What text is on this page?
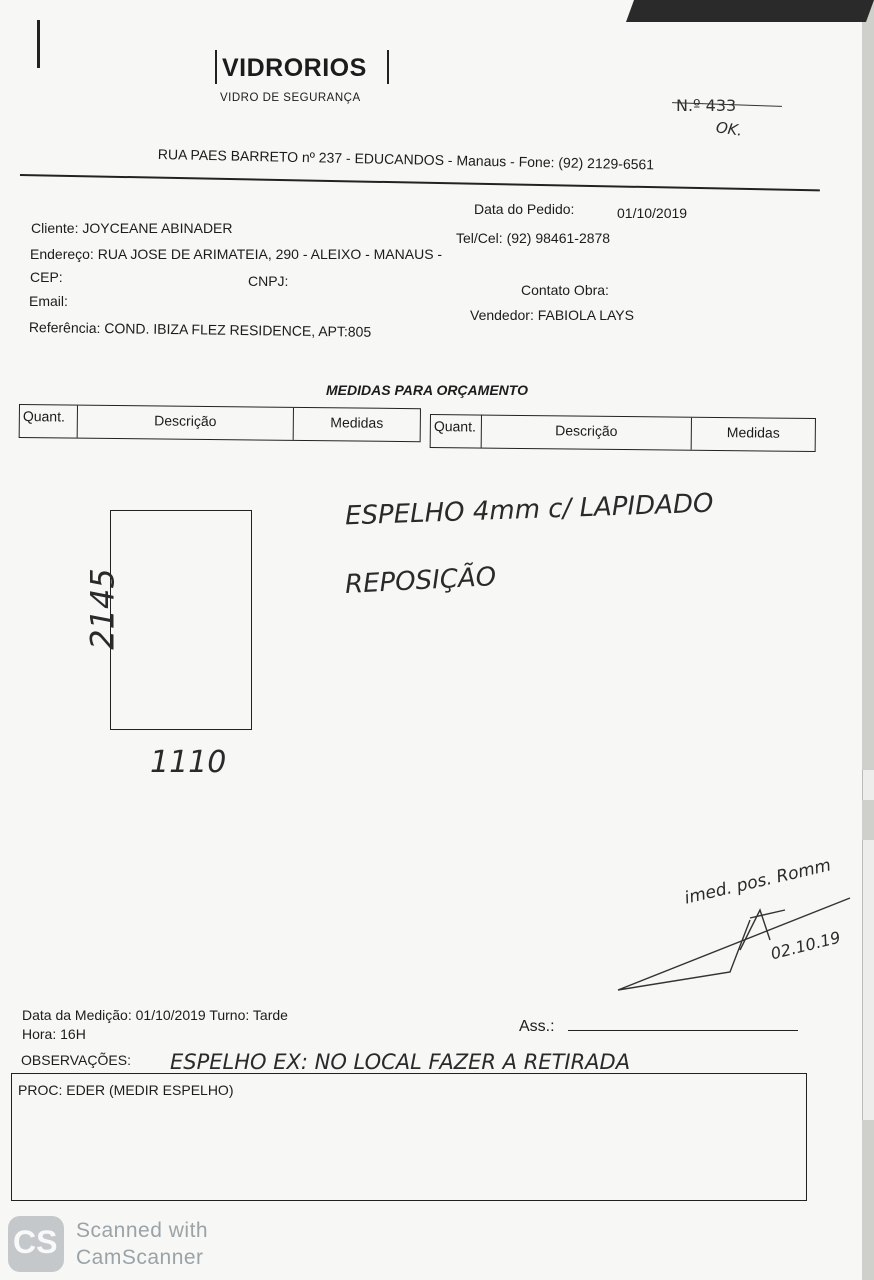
VIDRORIOS
VIDRO DE SEGURANÇA	N.º 433
OK.
RUA PAES BARRETO nº 237 - EDUCANDOS - Manaus - Fone: (92) 2129-6561
Data do Pedido:	01/10/2019
Cliente: JOYCEANE ABINADER
Tel/Cel: (92) 98461-2878
Endereço: RUA JOSE DE ARIMATEIA, 290 - ALEIXO - MANAUS -
CEP:	CNPJ:
Contato Obra:
Email:
Vendedor: FABIOLA LAYS
Referência: COND. IBIZA FLEZ RESIDENCE, APT:805
MEDIDAS PARA ORÇAMENTO
Quant.	Descrição	Medidas	Quant.	Descrição	Medidas
2145
1110
ESPELHO 4mm c/ LAPIDADO
REPOSIÇÃO
imed. pos. Romm
02.10.19
Data da Medição: 01/10/2019 Turno: Tarde
Hora: 16H	Ass.:
OBSERVAÇÕES: ESPELHO EX: NO LOCAL FAZER A RETIRADA
PROC: EDER (MEDIR ESPELHO)
CS Scanned with
CamScanner
